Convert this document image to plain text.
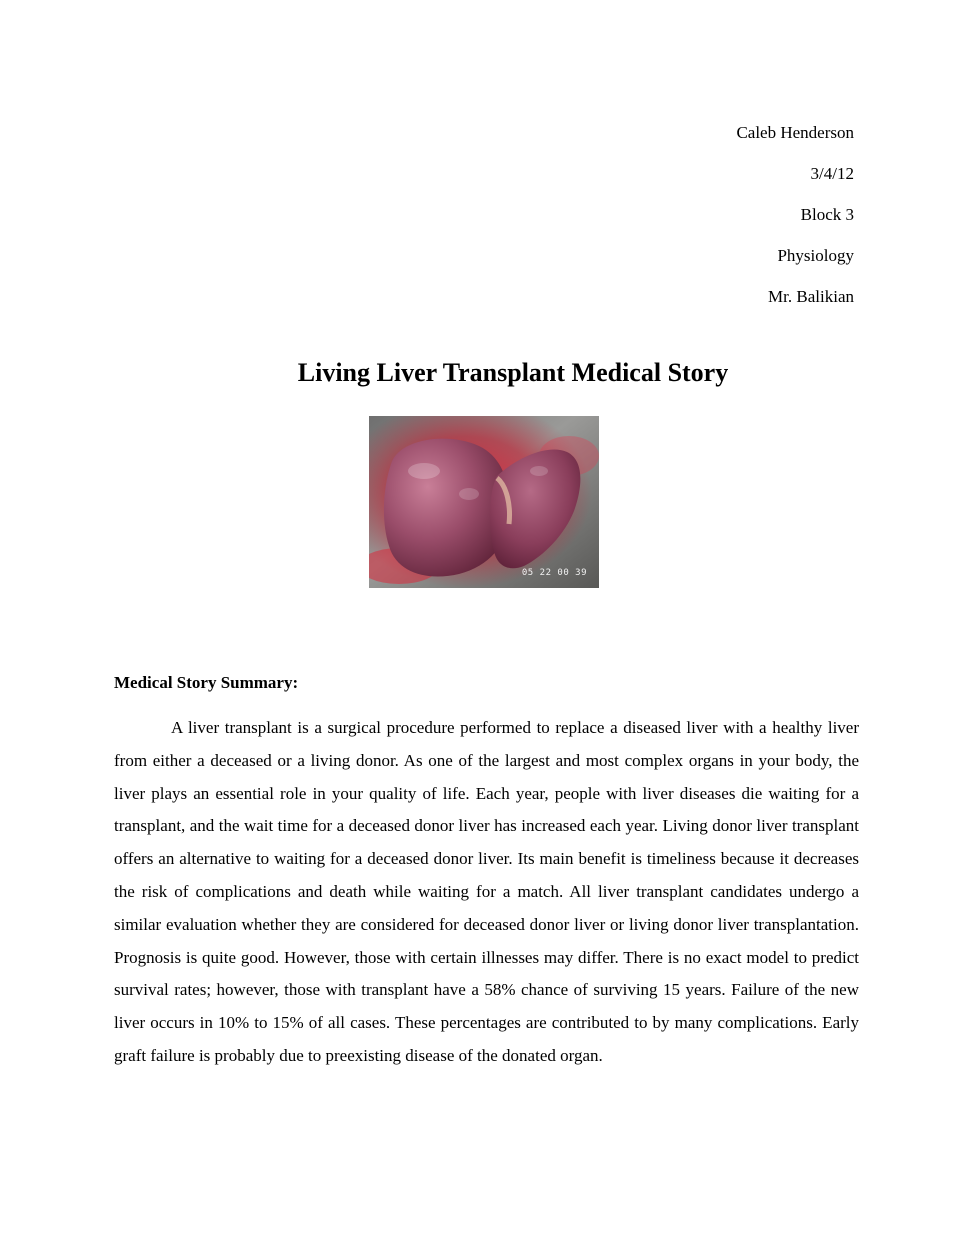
Caleb Henderson
3/4/12
Block 3
Physiology
Mr. Balikian
Living Liver Transplant Medical Story
05 22 00 39
Medical Story Summary:

A liver transplant is a surgical procedure performed to replace a diseased liver with a healthy liver from either a deceased or a living donor. As one of the largest and most complex organs in your body, the liver plays an essential role in your quality of life. Each year, people with liver diseases die waiting for a transplant, and the wait time for a deceased donor liver has increased each year. Living donor liver transplant offers an alternative to waiting for a deceased donor liver. Its main benefit is timeliness because it decreases the risk of complications and death while waiting for a match. All liver transplant candidates undergo a similar evaluation whether they are considered for deceased donor liver or living donor liver transplantation. Prognosis is quite good. However, those with certain illnesses may differ. There is no exact model to predict survival rates; however, those with transplant have a 58% chance of surviving 15 years. Failure of the new liver occurs in 10% to 15% of all cases. These percentages are contributed to by many complications. Early graft failure is probably due to preexisting disease of the donated organ.
